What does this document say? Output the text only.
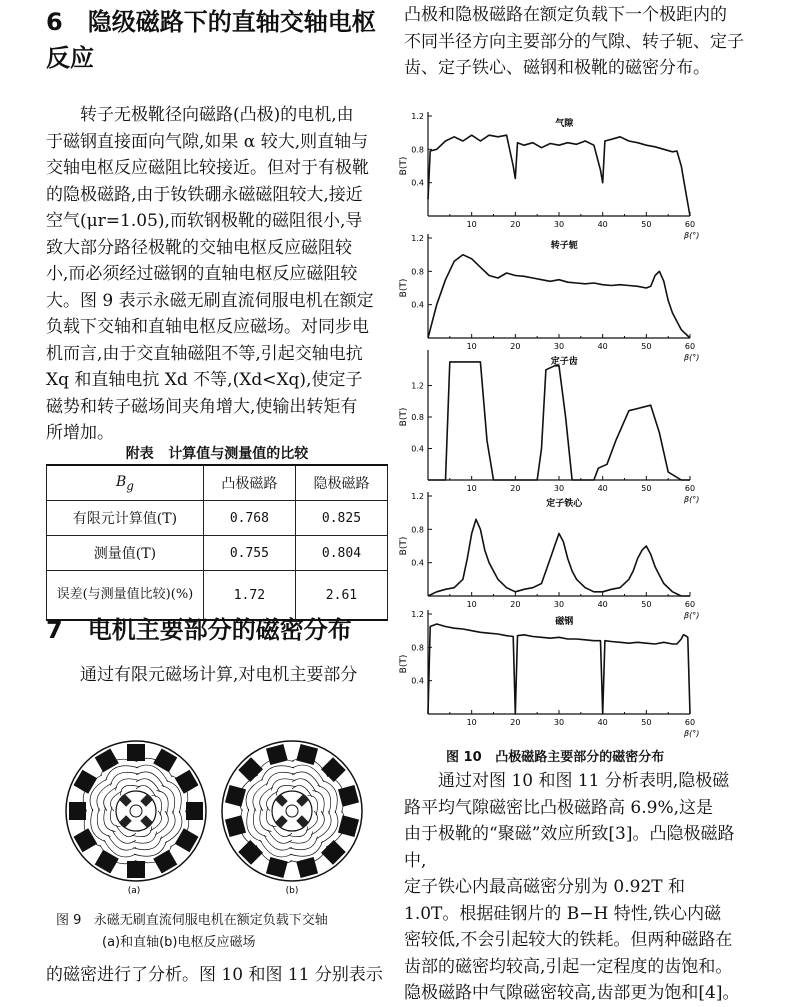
6   隐级磁路下的直轴交轴电枢
反应
转子无极靴径向磁路(凸极)的电机,由
于磁钢直接面向气隙,如果 α 较大,则直轴与
交轴电枢反应磁阻比较接近。但对于有极靴
的隐极磁路,由于钕铁硼永磁磁阻较大,接近
空气(μr=1.05),而软钢极靴的磁阻很小,导
致大部分路径极靴的交轴电枢反应磁阻较
小,而必须经过磁钢的直轴电枢反应磁阻较
大。图 9 表示永磁无刷直流伺服电机在额定
负载下交轴和直轴电枢反应磁场。对同步电
机而言,由于交直轴磁阻不等,引起交轴电抗
Xq 和直轴电抗 Xd 不等,(Xd<Xq),使定子
磁势和转子磁场间夹角增大,使输出转矩有
所增加。
附表   计算值与测量值的比较
$B_g$	凸极磁路	隐极磁路
有限元计算值(T)	0.768	0.825
测量值(T)	0.755	0.804
误差(与测量值比较)(%)	1.72	2.61
7   电机主要部分的磁密分布

通过有限元磁场计算,对电机主要部分

(a)	(b)
图 9   永磁无刷直流伺服电机在额定负载下交轴
(a)和直轴(b)电枢反应磁场
的磁密进行了分析。图 10 和图 11 分别表示
凸极和隐极磁路在额定负载下一个极距内的
不同半径方向主要部分的气隙、转子轭、定子
齿、定子铁心、磁钢和极靴的磁密分布。
1.2
0.8
0.4
10	20	30	40	50	60
B(T)
β(°)
气隙
1.2
0.8
0.4
10	20	30	40	50	60
B(T)
β(°)
转子轭
1.2
0.8
0.4
10	20	30	40	50	60
B(T)
β(°)
定子齿
1.2
0.8
0.4
10	20	30	40	50	60
B(T)
β(°)
定子铁心
1.2
0.8
0.4
10	20	30	40	50	60
B(T)
β(°)
磁钢
图 10   凸极磁路主要部分的磁密分布
通过对图 10 和图 11 分析表明,隐极磁
路平均气隙磁密比凸极磁路高 6.9%,这是
由于极靴的“聚磁”效应所致[3]。凸隐极磁路
中,
定子铁心内最高磁密分别为 0.92T 和
1.0T。根据硅钢片的 B−H 特性,铁心内磁
密较低,不会引起较大的铁耗。但两种磁路在
齿部的磁密均较高,引起一定程度的齿饱和。
隐极磁路中气隙磁密较高,齿部更为饱和[4]。
